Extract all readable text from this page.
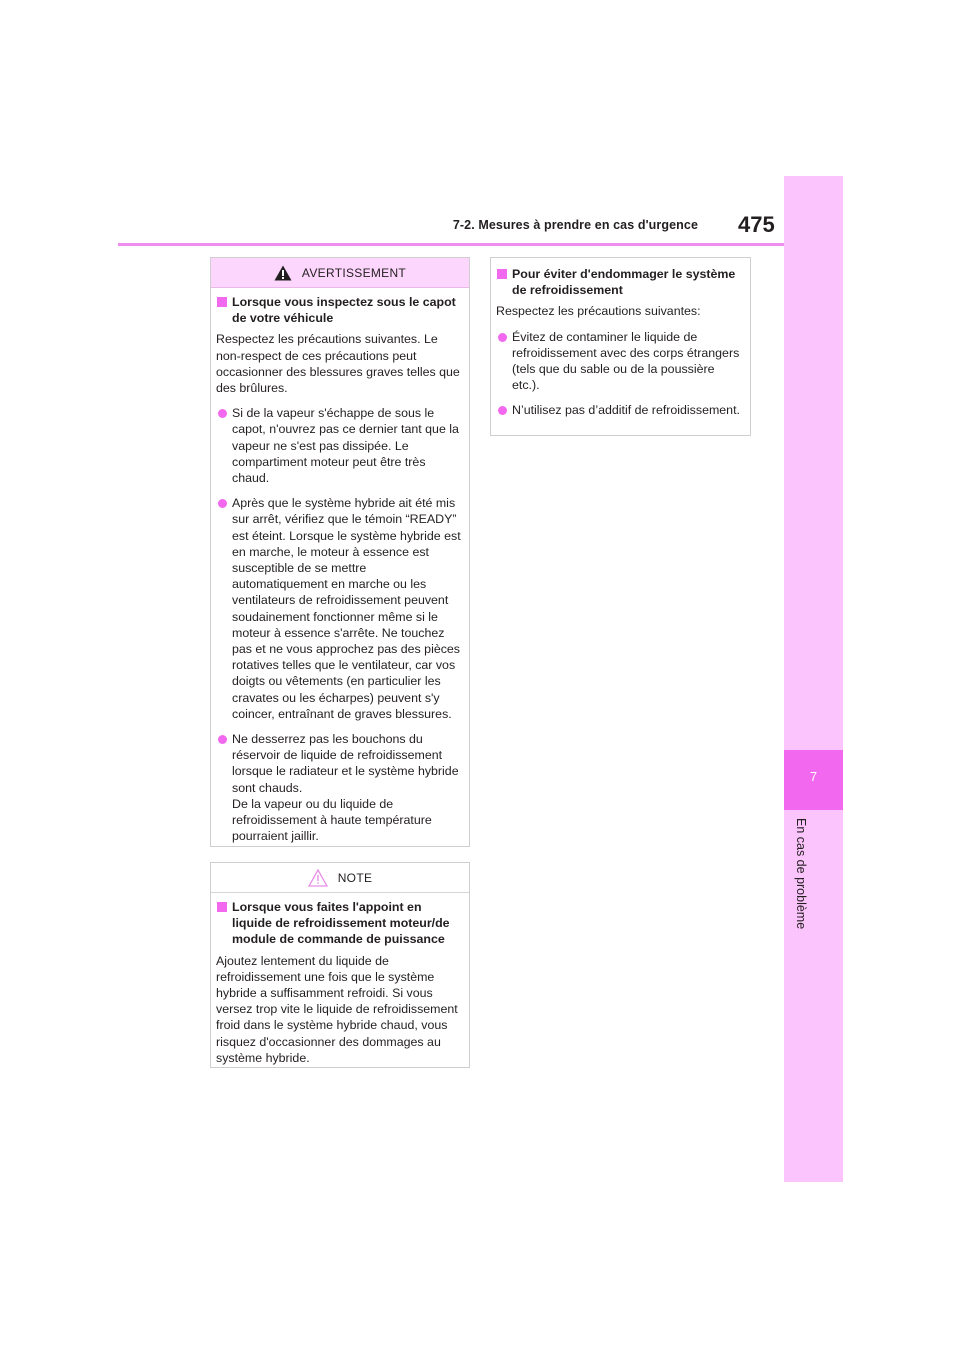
7-2. Mesures à prendre en cas d'urgence 475
7
En cas de problème
AVERTISSEMENT
Lorsque vous inspectez sous le capot de votre véhicule
Respectez les précautions suivantes. Le non-respect de ces précautions peut occasionner des blessures graves telles que des brûlures.
Si de la vapeur s'échappe de sous le capot, n'ouvrez pas ce dernier tant que la vapeur ne s'est pas dissipée. Le compartiment moteur peut être très chaud.
Après que le système hybride ait été mis sur arrêt, vérifiez que le témoin “READY” est éteint. Lorsque le système hybride est en marche, le moteur à essence est susceptible de se mettre automatiquement en marche ou les ventilateurs de refroidissement peuvent soudainement fonctionner même si le moteur à essence s'arrête. Ne touchez pas et ne vous approchez pas des pièces rotatives telles que le ventilateur, car vos doigts ou vêtements (en particulier les cravates ou les écharpes) peuvent s'y coincer, entraînant de graves blessures.
Ne desserrez pas les bouchons du réservoir de liquide de refroidissement lorsque le radiateur et le système hybride sont chauds.
De la vapeur ou du liquide de refroidissement à haute température pourraient jaillir.
NOTE
Lorsque vous faites l'appoint en liquide de refroidissement moteur/de module de commande de puissance
Ajoutez lentement du liquide de refroidissement une fois que le système hybride a suffisamment refroidi. Si vous versez trop vite le liquide de refroidissement froid dans le système hybride chaud, vous risquez d'occasionner des dommages au système hybride.
Pour éviter d'endommager le système de refroidissement
Respectez les précautions suivantes:
Évitez de contaminer le liquide de refroidissement avec des corps étrangers (tels que du sable ou de la poussière etc.).
N’utilisez pas d’additif de refroidissement.
